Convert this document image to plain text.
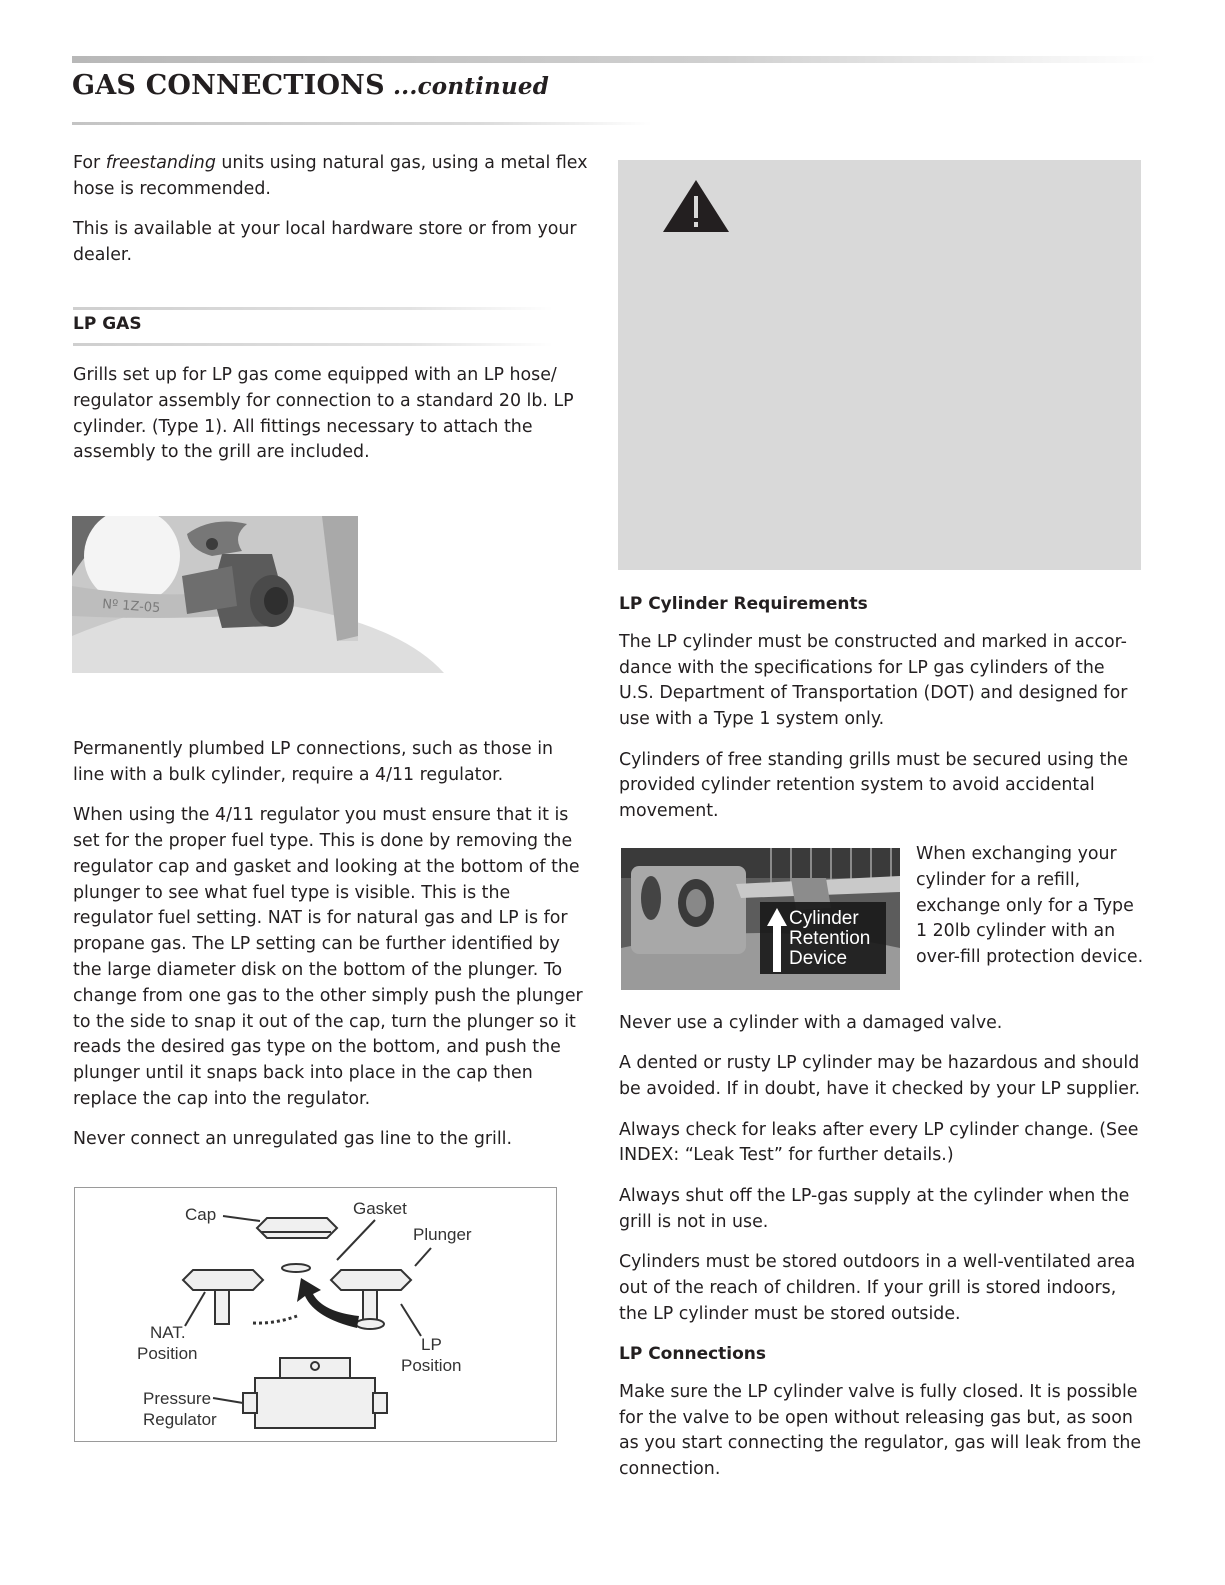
GAS CONNECTIONS ...continued

For freestanding units using natural gas, using a metal flex hose is recommended.

This is available at your local hardware store or from your dealer.

LP GAS

Grills set up for LP gas come equipped with an LP hose/ regulator assembly for connection to a standard 20 lb. LP cylinder. (Type 1). All fittings necessary to attach the assembly to the grill are included.

Nº 1Z-05

Permanently plumbed LP connections, such as those in line with a bulk cylinder, require a 4/11 regulator.

When using the 4/11 regulator you must ensure that it is set for the proper fuel type. This is done by removing the regulator cap and gasket and looking at the bottom of the plunger to see what fuel type is visible. This is the regulator fuel setting. NAT is for natural gas and LP is for propane gas. The LP setting can be further identified by the large diameter disk on the bottom of the plunger. To change from one gas to the other simply push the plunger to the side to snap it out of the cap, turn the plunger so it reads the desired gas type on the bottom, and push the plunger until it snaps back into place in the cap then replace the cap into the regulator.

Never connect an unregulated gas line to the grill.

Cap	Gasket
Plunger
NAT.
Position	LP
Position
Pressure
Regulator

LP Cylinder Requirements

The LP cylinder must be constructed and marked in accor-dance with the specifications for LP gas cylinders of the U.S. Department of Transportation (DOT) and designed for use with a Type 1 system only.

Cylinders of free standing grills must be secured using the provided cylinder retention system to avoid accidental movement.

Cylinder
Retention
Device
When exchanging your cylinder for a refill, exchange only for a Type 1 20lb cylinder with an over-fill protection device.

Never use a cylinder with a damaged valve.

A dented or rusty LP cylinder may be hazardous and should be avoided. If in doubt, have it checked by your LP supplier.

Always check for leaks after every LP cylinder change. (See INDEX: “Leak Test” for further details.)

Always shut off the LP-gas supply at the cylinder when the grill is not in use.

Cylinders must be stored outdoors in a well-ventilated area out of the reach of children. If your grill is stored indoors, the LP cylinder must be stored outside.

LP Connections

Make sure the LP cylinder valve is fully closed. It is possible for the valve to be open without releasing gas but, as soon as you start connecting the regulator, gas will leak from the connection.
